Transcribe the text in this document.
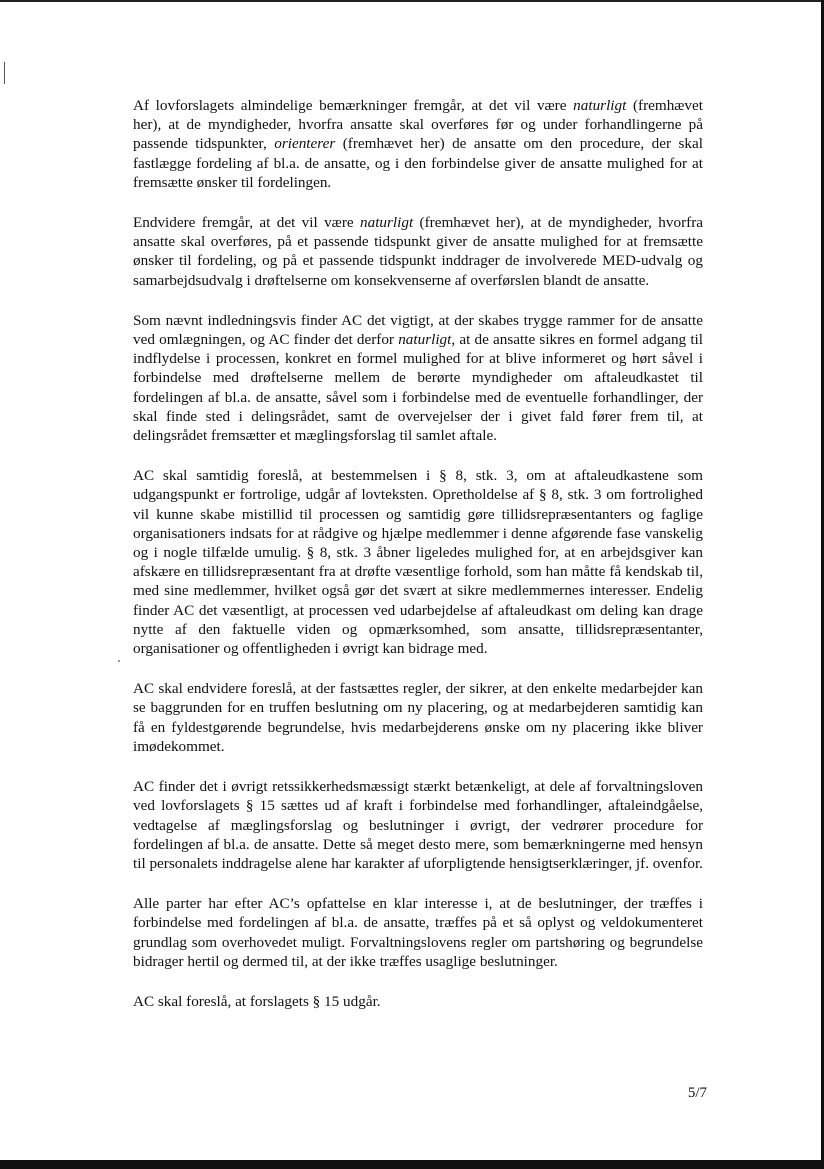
Af lovforslagets almindelige bemærkninger fremgår, at det vil være naturligt (fremhævet her), at de myndigheder, hvorfra ansatte skal overføres før og under forhandlingerne på passende tidspunkter, orienterer (fremhævet her) de ansatte om den procedure, der skal fastlægge fordeling af bl.a. de ansatte, og i den forbindelse giver de ansatte mulighed for at fremsætte ønsker til fordelingen.

Endvidere fremgår, at det vil være naturligt (fremhævet her), at de myndigheder, hvorfra ansatte skal overføres, på et passende tidspunkt giver de ansatte mulighed for at fremsætte ønsker til fordeling, og på et passende tidspunkt inddrager de involverede MED-udvalg og samarbejdsudvalg i drøftelserne om konsekvenserne af overførslen blandt de ansatte.

Som nævnt indledningsvis finder AC det vigtigt, at der skabes trygge rammer for de ansatte ved omlægningen, og AC finder det derfor naturligt, at de ansatte sikres en formel adgang til indflydelse i processen, konkret en formel mulighed for at blive informeret og hørt såvel i forbindelse med drøftelserne mellem de berørte myndigheder om aftaleudkastet til fordelingen af bl.a. de ansatte, såvel som i forbindelse med de eventuelle forhandlinger, der skal finde sted i delingsrådet, samt de overvejelser der i givet fald fører frem til, at delingsrådet fremsætter et mæglingsforslag til samlet aftale.

AC skal samtidig foreslå, at bestemmelsen i § 8, stk. 3, om at aftaleudkastene som udgangspunkt er fortrolige, udgår af lovteksten. Opretholdelse af § 8, stk. 3 om fortrolighed vil kunne skabe mistillid til processen og samtidig gøre tillidsrepræsentanters og faglige organisationers indsats for at rådgive og hjælpe medlemmer i denne afgørende fase vanskelig og i nogle tilfælde umulig. § 8, stk. 3 åbner ligeledes mulighed for, at en arbejdsgiver kan afskære en tillidsrepræsentant fra at drøfte væsentlige forhold, som han måtte få kendskab til, med sine medlemmer, hvilket også gør det svært at sikre medlemmernes interesser. Endelig finder AC det væsentligt, at processen ved udarbejdelse af aftaleudkast om deling kan drage nytte af den faktuelle viden og opmærksomhed, som ansatte, tillidsrepræsentanter, organisationer og offentligheden i øvrigt kan bidrage med.

AC skal endvidere foreslå, at der fastsættes regler, der sikrer, at den enkelte medarbejder kan se baggrunden for en truffen beslutning om ny placering, og at medarbejderen samtidig kan få en fyldestgørende begrundelse, hvis medarbejderens ønske om ny placering ikke bliver imødekommet.

AC finder det i øvrigt retssikkerhedsmæssigt stærkt betænkeligt, at dele af forvaltningsloven ved lovforslagets § 15 sættes ud af kraft i forbindelse med forhandlinger, aftaleindgåelse, vedtagelse af mæglingsforslag og beslutninger i øvrigt, der vedrører procedure for fordelingen af bl.a. de ansatte. Dette så meget desto mere, som bemærkningerne med hensyn til personalets inddragelse alene har karakter af uforpligtende hensigtserklæringer, jf. ovenfor.

Alle parter har efter AC’s opfattelse en klar interesse i, at de beslutninger, der træffes i forbindelse med fordelingen af bl.a. de ansatte, træffes på et så oplyst og veldokumenteret grundlag som overhovedet muligt. Forvaltningslovens regler om partshøring og begrundelse bidrager hertil og dermed til, at der ikke træffes usaglige beslutninger.

AC skal foreslå, at forslagets § 15 udgår.

5/7
